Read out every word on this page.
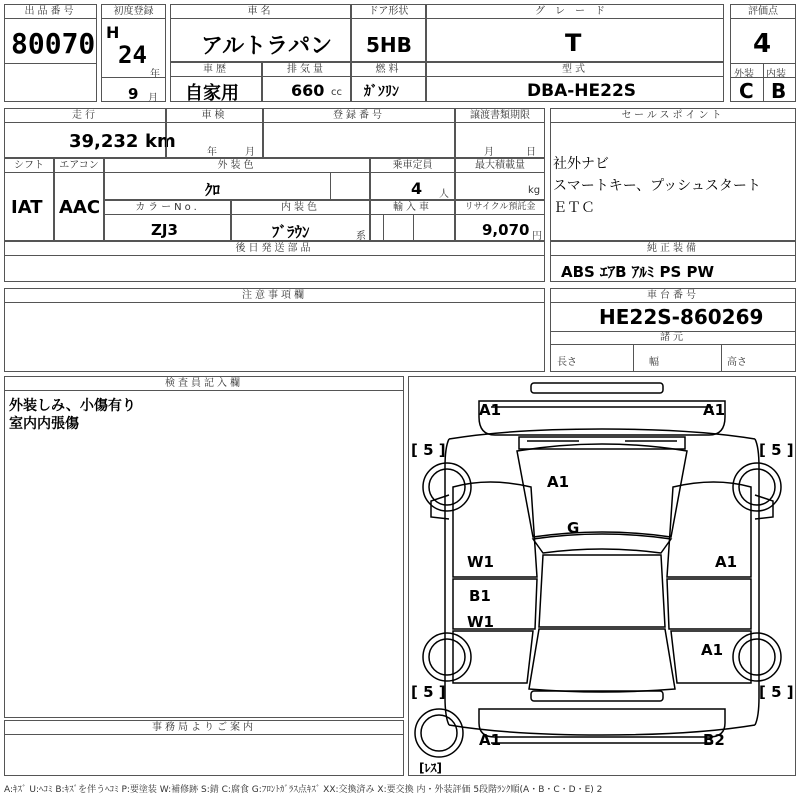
出品番号
80070
初度登録
H
24
年
9 月
車名
アルトラパン
ドア形状
5HB
グレード
T
評価点
4
外装 内装
C B
車歴
自家用
排気量
660 cc
燃料
ｶﾞｿﾘﾝ
型式
DBA-HE22S
走行
39,232 km
車検
年	月
登録番号	譲渡書類期限
月	日
セールスポイント
社外ナビ
スマートキー、プッシュスタート
ＥＴＣ
シフト
IAT
エアコン
AAC
外装色
ｸﾛ
乗車定員
4 人
最大積載量
kg
カラーNo.
ZJ3
内装色
ﾌﾞﾗｳﾝ	系
輸入車	リサイクル預託金
9,070 円
後日発送部品	純正装備
ABS ｴｱB ｱﾙﾐ PS PW
注意事項欄	車台番号
HE22S-860269
諸元
長さ	幅	高さ
検査員記入欄
外装しみ、小傷有り
室内内張傷
事務局よりご案内
A1	A1
[ 5 ]	[ 5 ]
A1
G
W1	A1
B1
W1
A1
[ 5 ]	[ 5 ]
A1	B2
[ﾚｽ]
A:ｷｽﾞ U:ﾍｺﾐ B:ｷｽﾞを伴うﾍｺﾐ P:要塗装 W:補修跡 S:錆 C:腐食 G:ﾌﾛﾝﾄｶﾞﾗｽ点ｷｽﾞ XX:交換済み X:要交換 内・外装評価 5段階ﾗﾝｸ順(A・B・C・D・E) 2
